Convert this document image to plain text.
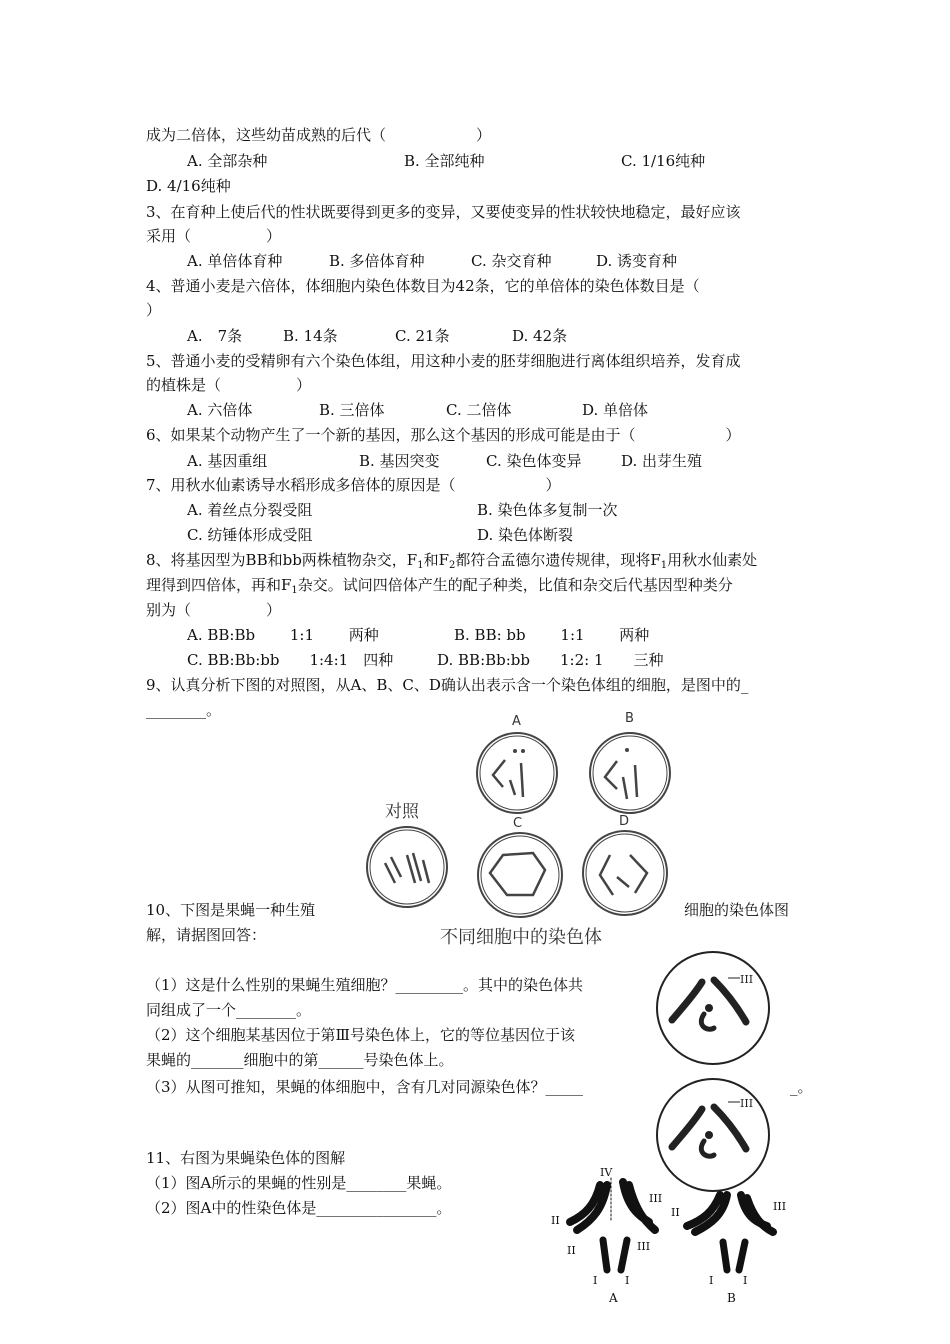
成为二倍体，这些幼苗成熟的后代（　　　　　　）
A. 全部杂种	B. 全部纯种	C. 1/16纯种
D. 4/16纯种
3、在育种上使后代的性状既要得到更多的变异，又要使变异的性状较快地稳定，最好应该
采用（　　　　　）
A. 单倍体育种	B. 多倍体育种	C. 杂交育种	D. 诱变育种
4、普通小麦是六倍体，体细胞内染色体数目为42条，它的单倍体的染色体数目是（
）
A.　7条	B. 14条	C. 21条	D. 42条
5、普通小麦的受精卵有六个染色体组，用这种小麦的胚芽细胞进行离体组织培养，发育成
的植株是（　　　　　）
A. 六倍体	B. 三倍体	C. 二倍体	D. 单倍体
6、如果某个动物产生了一个新的基因，那么这个基因的形成可能是由于（　　　　　　）
A. 基因重组	B. 基因突变	C. 染色体变异	D. 出芽生殖
7、用秋水仙素诱导水稻形成多倍体的原因是（　　　　　　）
A. 着丝点分裂受阻	B. 染色体多复制一次
C. 纺锤体形成受阻	D. 染色体断裂
8、将基因型为BB和bb两株植物杂交，$F_1$和$F_2$都符合孟德尔遗传规律，现将$F_1$用秋水仙素处
理得到四倍体，再和$F_1$杂交。试问四倍体产生的配子种类，比值和杂交后代基因型种类分
别为（　　　　　）
A. BB:Bb　　 1:1　　 两种	B. BB: bb　　 1:1　　 两种
C. BB:Bb:bb　　1:4:1　四种	D. BB:Bb:bb　　1:2: 1　　三种
9、认真分析下图的对照图，从A、B、C、D确认出表示含一个染色体组的细胞，是图中的_
________。
A	B
对照
C	D
不同细胞中的染色体
10、下图是果蝇一种生殖	细胞的染色体图
解，请据图回答：
（1）这是什么性别的果蝇生殖细胞？_________。其中的染色体共
同组成了一个________。
（2）这个细胞某基因位于第Ⅲ号染色体上，它的等位基因位于该
果蝇的_______细胞中的第______号染色体上。
（3）从图可推知，果蝇的体细胞中，含有几对同源染色体？_____	_。
III
III
11、右图为果蝇染色体的图解
（1）图A所示的果蝇的性别是________果蝇。
（2）图A中的性染色体是________________。
IV
II
II
III
III
I	I
A
II	III
I	I
B
